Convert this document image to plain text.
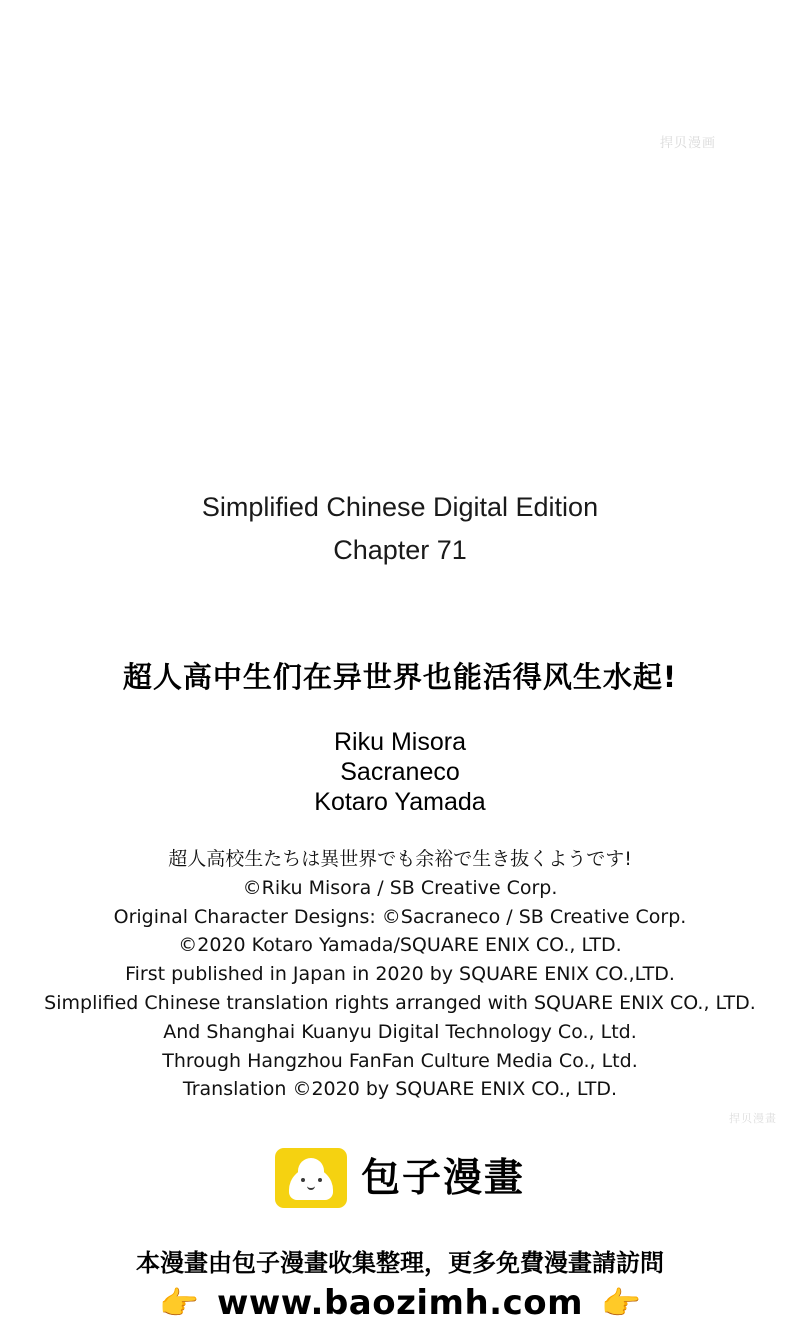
捍贝漫画
Simplified Chinese Digital Edition
Chapter 71
超人高中生们在异世界也能活得风生水起!
Riku Misora
Sacraneco
Kotaro Yamada
超人高校生たちは異世界でも余裕で生き抜くようです!
©Riku Misora / SB Creative Corp.
Original Character Designs: ©Sacraneco / SB Creative Corp.
©2020 Kotaro Yamada/SQUARE ENIX CO., LTD.
First published in Japan in 2020 by SQUARE ENIX CO.,LTD.
Simplified Chinese translation rights arranged with SQUARE ENIX CO., LTD.
And Shanghai Kuanyu Digital Technology Co., Ltd.
Through Hangzhou FanFan Culture Media Co., Ltd.
Translation ©2020 by SQUARE ENIX CO., LTD.
捍贝漫畫
包子漫畫
本漫畫由包子漫畫收集整理，更多免費漫畫請訪問
👉 www.baozimh.com 👉
